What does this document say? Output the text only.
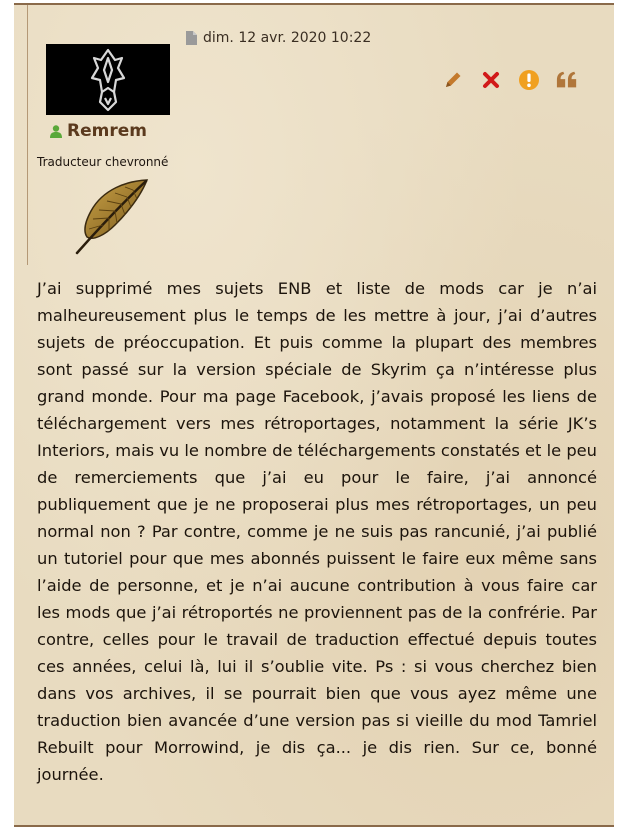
dim. 12 avr. 2020 10:22
Remrem
Traducteur chevronné

J’ai supprimé mes sujets ENB et liste de mods car je n’ai malheureusement plus le temps de les mettre à jour, j’ai d’autres sujets de préoccupation. Et puis comme la plupart des membres sont passé sur la version spéciale de Skyrim ça n’intéresse plus grand monde. Pour ma page Facebook, j’avais proposé les liens de téléchargement vers mes rétroportages, notamment la série JK’s Interiors, mais vu le nombre de téléchargements constatés et le peu de remerciements que j’ai eu pour le faire, j’ai annoncé publiquement que je ne proposerai plus mes rétroportages, un peu normal non ? Par contre, comme je ne suis pas rancunié, j’ai publié un tutoriel pour que mes abonnés puissent le faire eux même sans l’aide de personne, et je n’ai aucune contribution à vous faire car les mods que j’ai rétroportés ne proviennent pas de la confrérie. Par contre, celles pour le travail de traduction effectué depuis toutes ces années, celui là, lui il s’oublie vite. Ps : si vous cherchez bien dans vos archives, il se pourrait bien que vous ayez même une traduction bien avancée d’une version pas si vieille du mod Tamriel Rebuilt pour Morrowind, je dis ça... je dis rien. Sur ce, bonné journée.
